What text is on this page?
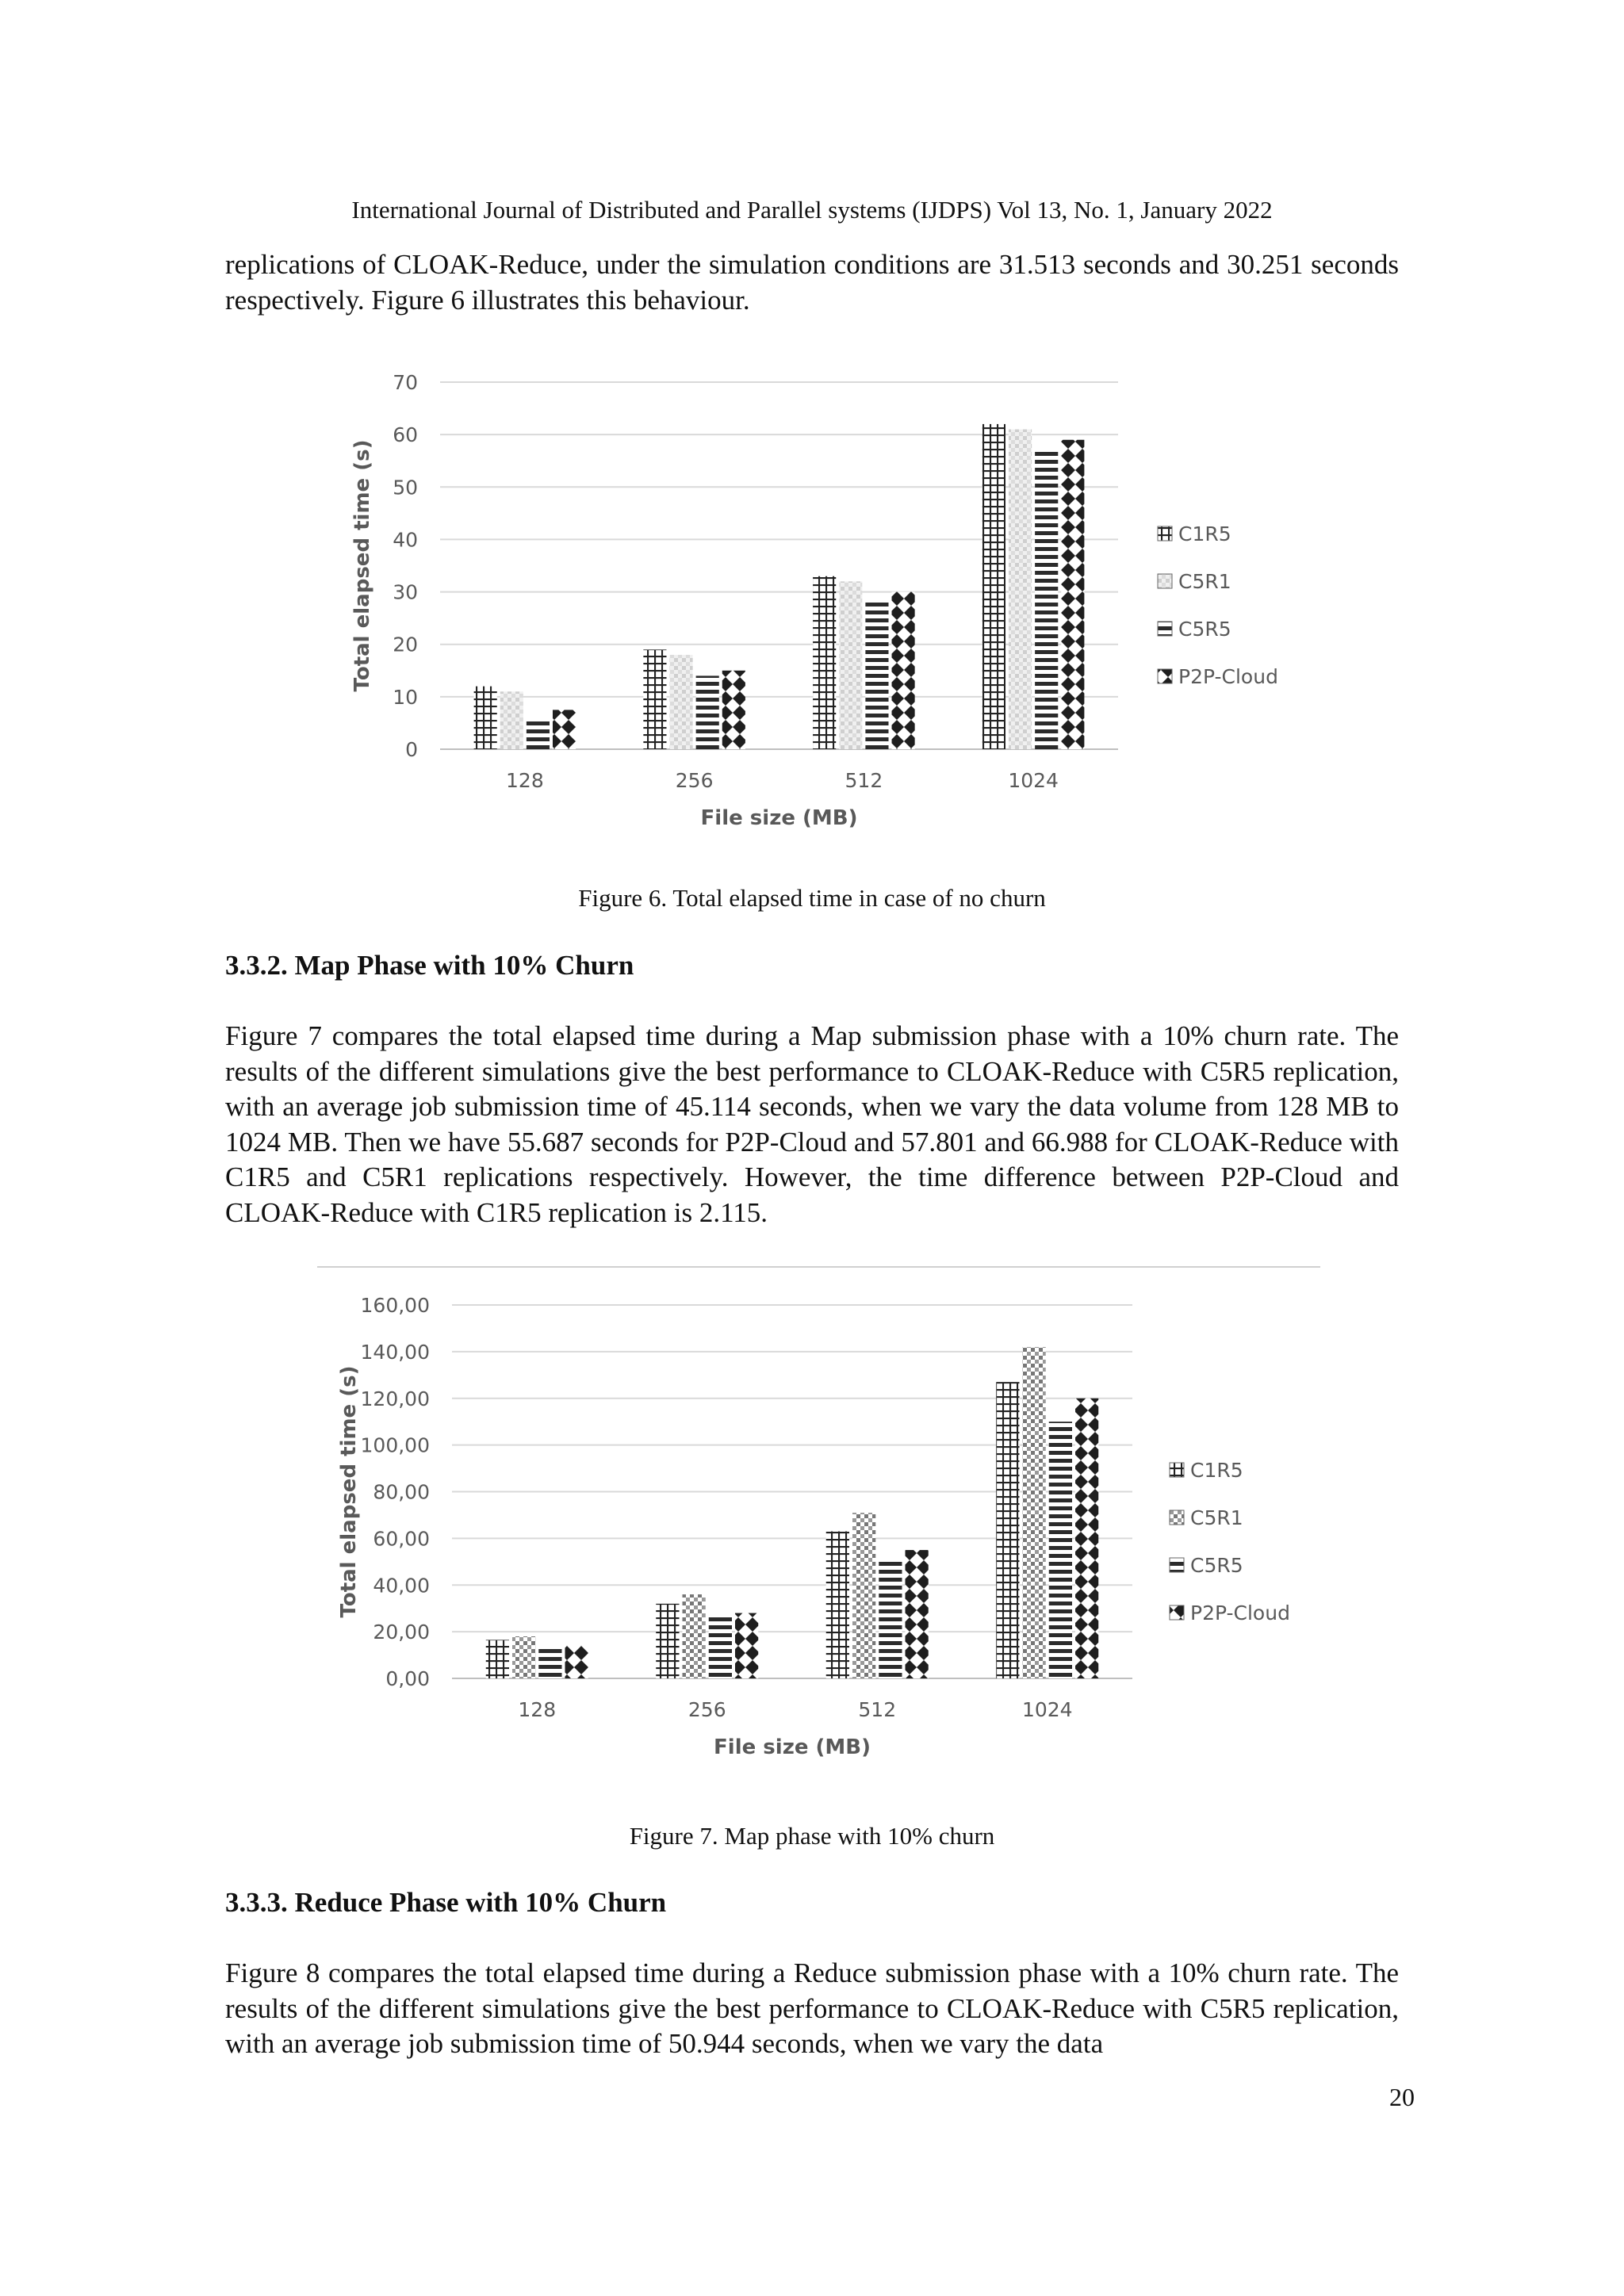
International Journal of Distributed and Parallel systems (IJDPS) Vol 13, No. 1, January 2022

replications of CLOAK-Reduce, under the simulation conditions are 31.513 seconds and 30.251 seconds respectively. Figure 6 illustrates this behaviour.

0
10
20
30
40
50
60
70
128	256	512	1024
File size (MB)
Total elapsed time (s)	C1R5
C5R1
C5R5
P2P-Cloud
Figure 6. Total elapsed time in case of no churn

3.3.2. Map Phase with 10% Churn

Figure 7 compares the total elapsed time during a Map submission phase with a 10% churn rate. The results of the different simulations give the best performance to CLOAK-Reduce with C5R5 replication, with an average job submission time of 45.114 seconds, when we vary the data volume from 128 MB to 1024 MB. Then we have 55.687 seconds for P2P-Cloud and 57.801 and 66.988 for CLOAK-Reduce with C1R5 and C5R1 replications respectively. However, the time difference between P2P-Cloud and CLOAK-Reduce with C1R5 replication is 2.115.

0,00
20,00
40,00
60,00
80,00
100,00
120,00
140,00
160,00
128	256	512	1024
File size (MB)
Total elapsed time (s)	C1R5
C5R1
C5R5
P2P-Cloud
Figure 7. Map phase with 10% churn

3.3.3. Reduce Phase with 10% Churn

Figure 8 compares the total elapsed time during a Reduce submission phase with a 10% churn rate. The results of the different simulations give the best performance to CLOAK-Reduce with C5R5 replication, with an average job submission time of 50.944 seconds, when we vary the data

20
